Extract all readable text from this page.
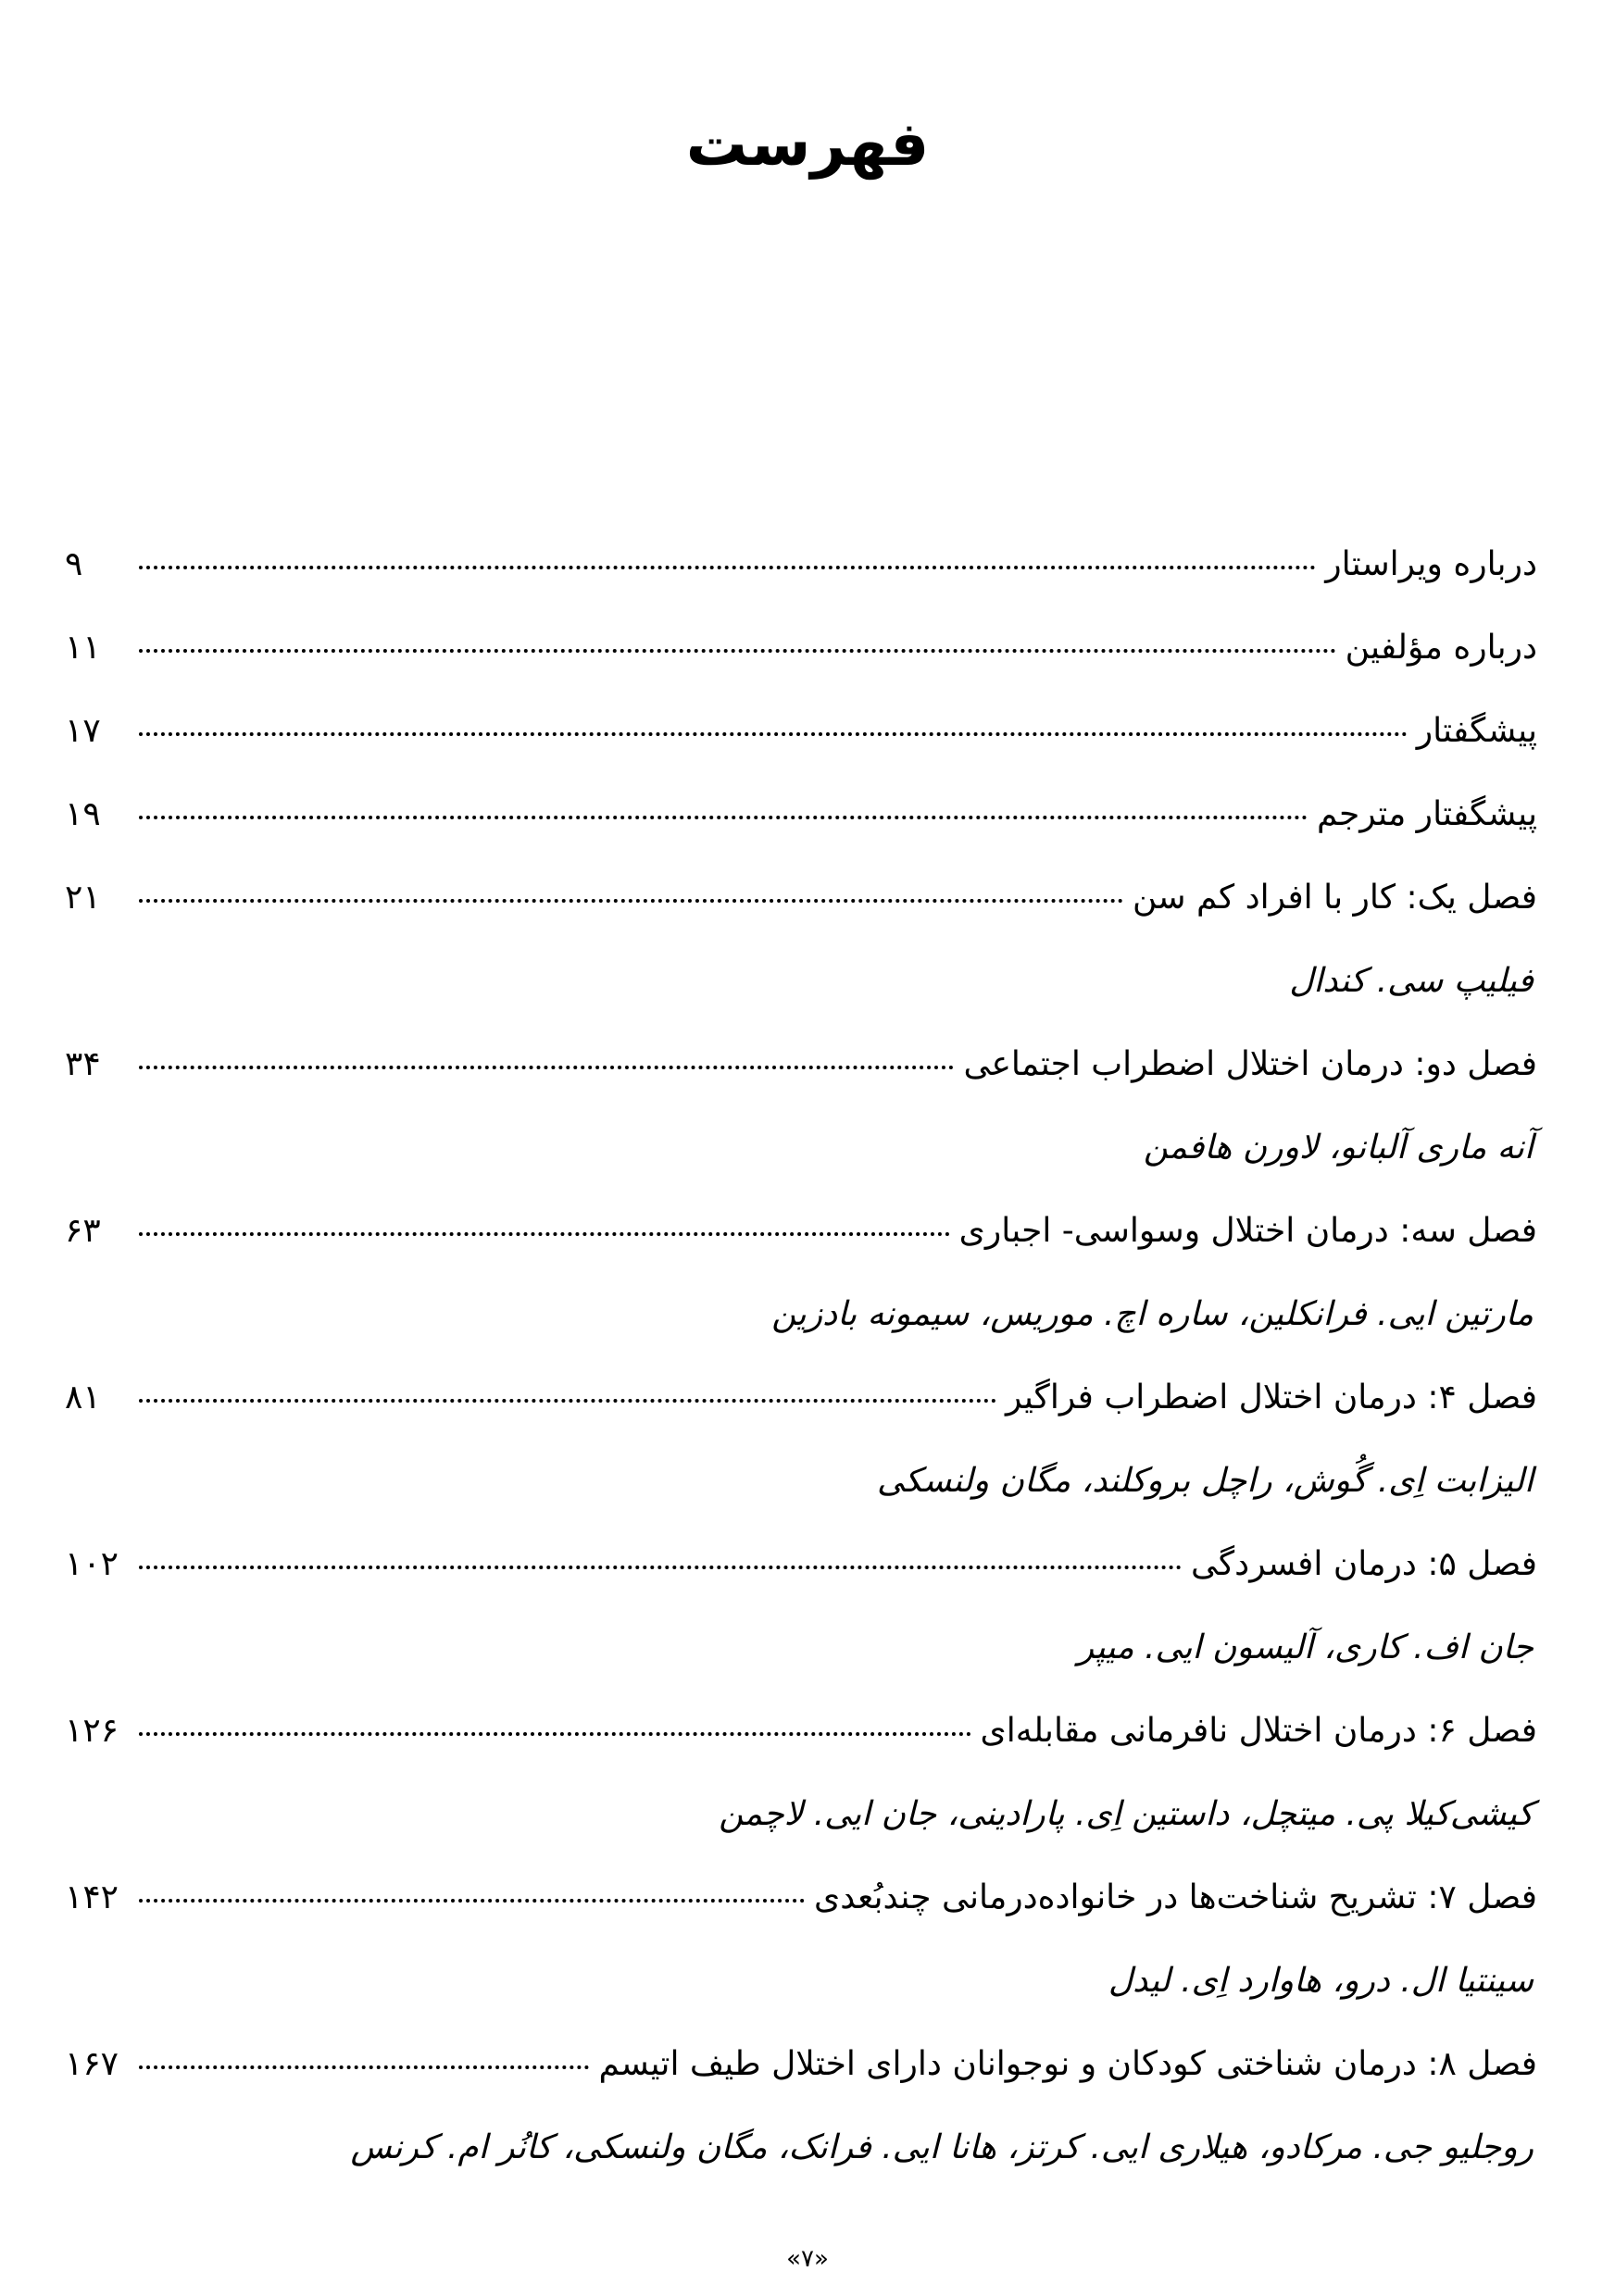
فهرست
درباره ویراستار
۹
درباره مؤلفین
۱۱
پیشگفتار
۱۷
پیشگفتار مترجم
۱۹
فصل یک: کار با افراد کم سن
۲۱
فیلیپ سی. کندال
فصل دو: درمان اختلال اضطراب اجتماعی
۳۴
آنه ماری آلبانو، لاورن هافمن
فصل سه: درمان اختلال وسواسی- اجباری
۶۳
مارتین ایی. فرانکلین، ساره اچ. موریس، سیمونه بادزین
فصل ۴: درمان اختلال اضطراب فراگیر
۸۱
الیزابت اِی. گُوش، راچل بروکلند، مگان ولنسکی
فصل ۵: درمان افسردگی
۱۰۲
جان اف. کاری، آلیسون ایی. میپر
فصل ۶: درمان اختلال نافرمانی مقابله‌ای
۱۲۶
کیشی‌کیلا پی. میتچل، داستین اِی. پارادینی، جان ایی. لاچمن
فصل ۷: تشریح شناخت‌ها در خانواده‌درمانی چندبُعدی
۱۴۲
سینتیا ال. درو، هاوارد اِی. لیدل
فصل ۸: درمان شناختی کودکان و نوجوانان دارای اختلال طیف اتیسم
۱۶۷
روجلیو جی. مرکادو، هیلاری ایی. کرتز، هانا ایی. فرانک، مگان ولنسکی، کانُر ام. کرنس
«۷»
